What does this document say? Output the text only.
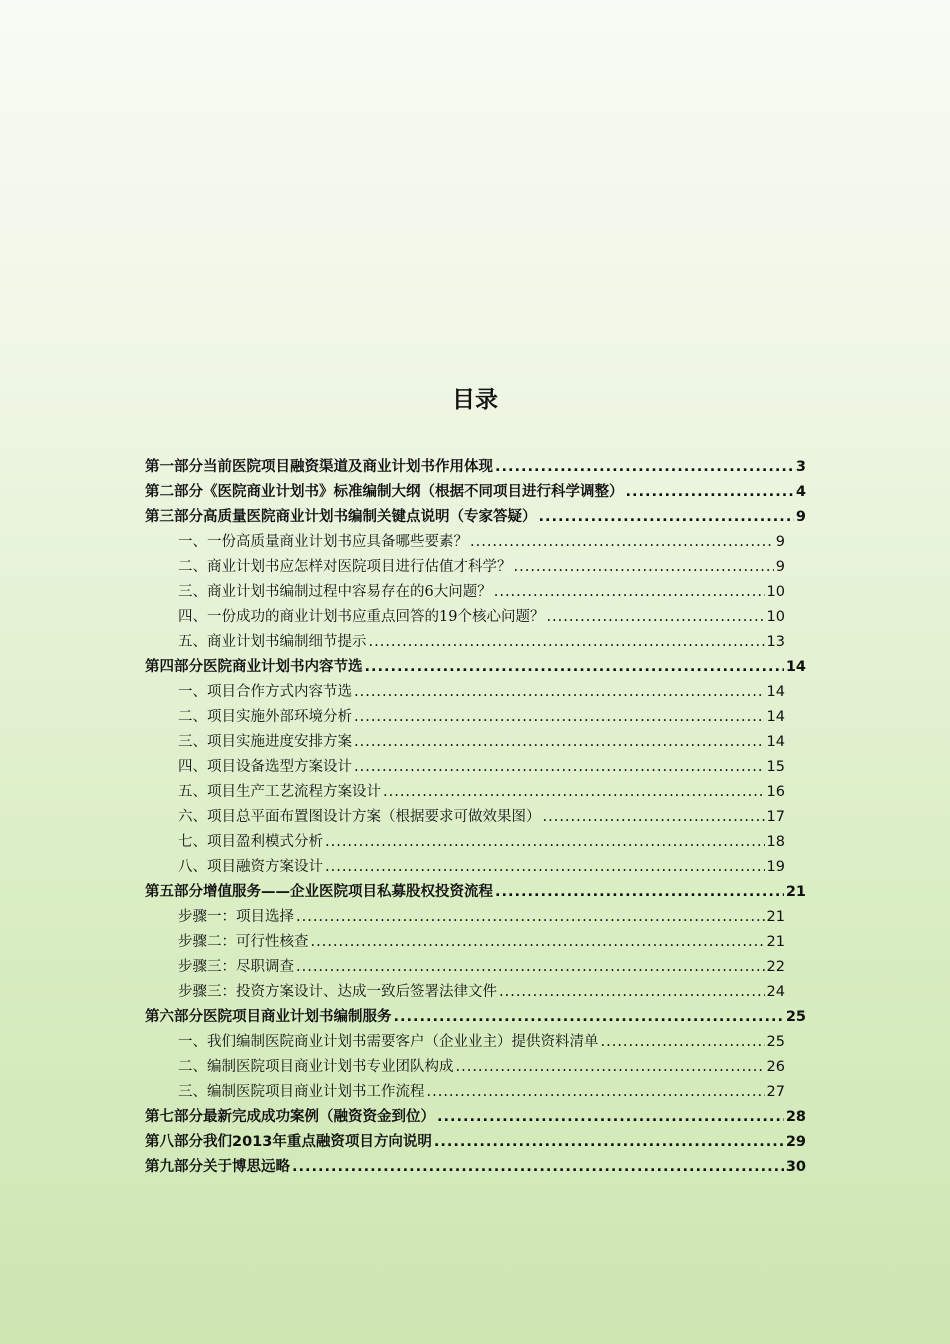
目录
第一部分当前医院项目融资渠道及商业计划书作用体现 .....	3
第二部分《医院商业计划书》标准编制大纲（根据不同项目进行科学调整） .....	4
第三部分高质量医院商业计划书编制关键点说明（专家答疑） .....	9
一、一份高质量商业计划书应具备哪些要素？ .....	9
二、商业计划书应怎样对医院项目进行估值才科学？ .....	9
三、商业计划书编制过程中容易存在的6大问题？ .....	10
四、一份成功的商业计划书应重点回答的19个核心问题？ .....	10
五、商业计划书编制细节提示 .....	13
第四部分医院商业计划书内容节选 .....	14
一、项目合作方式内容节选 .....	14
二、项目实施外部环境分析 .....	14
三、项目实施进度安排方案 .....	14
四、项目设备选型方案设计 .....	15
五、项目生产工艺流程方案设计 .....	16
六、项目总平面布置图设计方案（根据要求可做效果图） .....	17
七、项目盈利模式分析 .....	18
八、项目融资方案设计 .....	19
第五部分增值服务——企业医院项目私募股权投资流程 .....	21
步骤一：项目选择 .....	21
步骤二：可行性核查 .....	21
步骤三：尽职调查 .....	22
步骤三：投资方案设计、达成一致后签署法律文件 .....	24
第六部分医院项目商业计划书编制服务 .....	25
一、我们编制医院商业计划书需要客户（企业业主）提供资料清单 .....	25
二、编制医院项目商业计划书专业团队构成 .....	26
三、编制医院项目商业计划书工作流程 .....	27
第七部分最新完成成功案例（融资资金到位） .....	28
第八部分我们2013年重点融资项目方向说明 .....	29
第九部分关于博思远略 .....	30
